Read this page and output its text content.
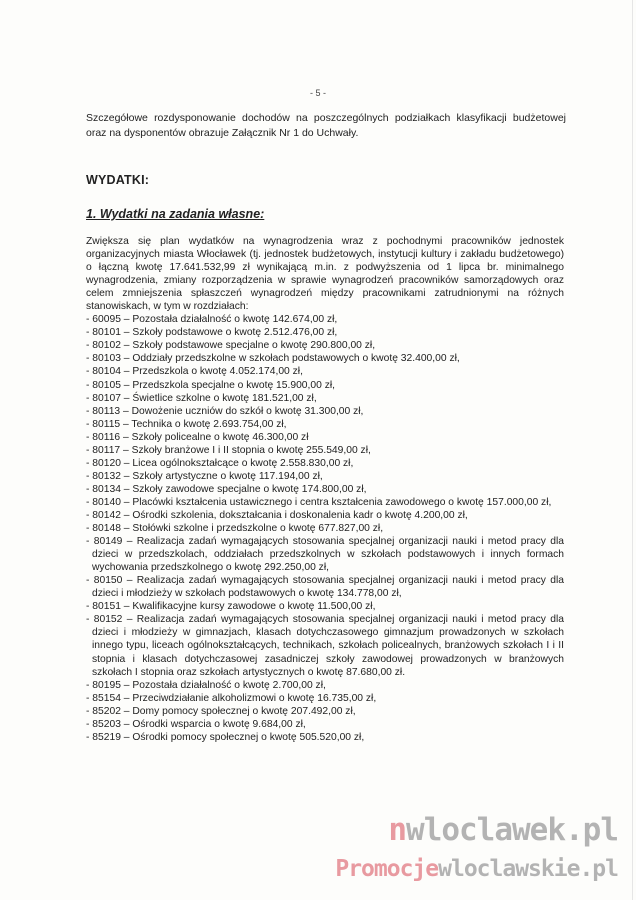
- 5 -
Szczegółowe rozdysponowanie dochodów na poszczególnych podziałkach klasyfikacji budżetowej oraz na dysponentów obrazuje Załącznik Nr 1 do Uchwały.
WYDATKI:
1. Wydatki na zadania własne:
Zwiększa się plan wydatków na wynagrodzenia wraz z pochodnymi pracowników jednostek organizacyjnych miasta Włocławek (tj. jednostek budżetowych, instytucji kultury i zakładu budżetowego) o łączną kwotę 17.641.532,99 zł wynikającą m.in. z podwyższenia od 1 lipca br. minimalnego wynagrodzenia, zmiany rozporządzenia w sprawie wynagrodzeń pracowników samorządowych oraz celem zmniejszenia spłaszczeń wynagrodzeń między pracownikami zatrudnionymi na różnych stanowiskach, w tym w rozdziałach:
- 60095 – Pozostała działalność o kwotę 142.674,00 zł,
- 80101 – Szkoły podstawowe o kwotę 2.512.476,00 zł,
- 80102 – Szkoły podstawowe specjalne o kwotę 290.800,00 zł,
- 80103 – Oddziały przedszkolne w szkołach podstawowych o kwotę 32.400,00 zł,
- 80104 – Przedszkola o kwotę 4.052.174,00 zł,
- 80105 – Przedszkola specjalne o kwotę 15.900,00 zł,
- 80107 – Świetlice szkolne o kwotę 181.521,00 zł,
- 80113 – Dowożenie uczniów do szkół o kwotę 31.300,00 zł,
- 80115 – Technika o kwotę 2.693.754,00 zł,
- 80116 – Szkoły policealne o kwotę 46.300,00 zł
- 80117 – Szkoły branżowe I i II stopnia o kwotę 255.549,00 zł,
- 80120 – Licea ogólnokształcące o kwotę 2.558.830,00 zł,
- 80132 – Szkoły artystyczne o kwotę 117.194,00 zł,
- 80134 – Szkoły zawodowe specjalne o kwotę 174.800,00 zł,
- 80140 – Placówki kształcenia ustawicznego i centra kształcenia zawodowego o kwotę 157.000,00 zł,
- 80142 – Ośrodki szkolenia, dokształcania i doskonalenia kadr o kwotę 4.200,00 zł,
- 80148 – Stołówki szkolne i przedszkolne o kwotę 677.827,00 zł,
- 80149 – Realizacja zadań wymagających stosowania specjalnej organizacji nauki i metod pracy dla dzieci w przedszkolach, oddziałach przedszkolnych w szkołach podstawowych i innych formach wychowania przedszkolnego o kwotę 292.250,00 zł,
- 80150 – Realizacja zadań wymagających stosowania specjalnej organizacji nauki i metod pracy dla dzieci i młodzieży w szkołach podstawowych o kwotę 134.778,00 zł,
- 80151 – Kwalifikacyjne kursy zawodowe o kwotę 11.500,00 zł,
- 80152 – Realizacja zadań wymagających stosowania specjalnej organizacji nauki i metod pracy dla dzieci i młodzieży w gimnazjach, klasach dotychczasowego gimnazjum prowadzonych w szkołach innego typu, liceach ogólnokształcących, technikach, szkołach policealnych, branżowych szkołach I i II stopnia i klasach dotychczasowej zasadniczej szkoły zawodowej prowadzonych w branżowych szkołach I stopnia oraz szkołach artystycznych o kwotę 87.680,00 zł.
- 80195 – Pozostała działalność o kwotę 2.700,00 zł,
- 85154 – Przeciwdziałanie alkoholizmowi o kwotę 16.735,00 zł,
- 85202 – Domy pomocy społecznej o kwotę 207.492,00 zł,
- 85203 – Ośrodki wsparcia o kwotę 9.684,00 zł,
- 85219 – Ośrodki pomocy społecznej o kwotę 505.520,00 zł,
nwloclawek.pl
Promocjewloclawskie.pl
